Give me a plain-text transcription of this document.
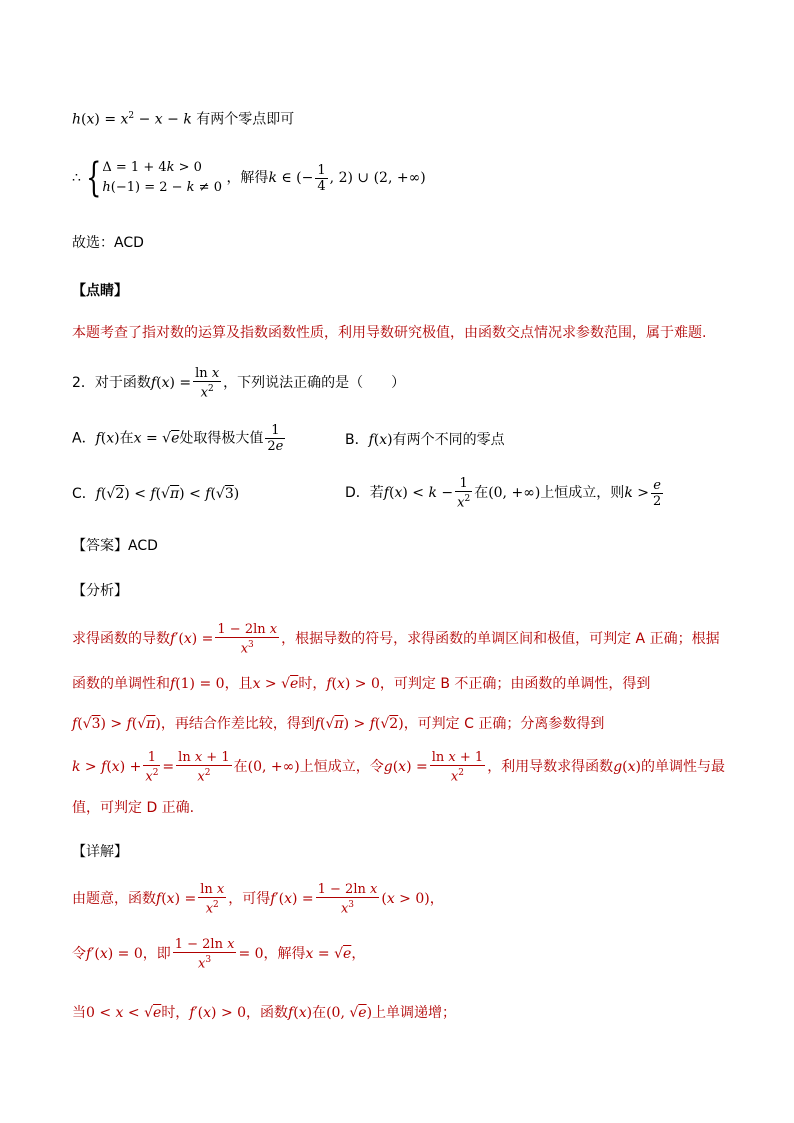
$h(x) = x^2 - x - k$ 有两个零点即可
∴ { Δ = 1 + 4k > 0
h(−1) = 2 − k ≠ 0
，解得k ∈ (− $\frac{1}{4}$ , 2) ∪ (2, +∞)
故选：ACD
【点睛】
本题考查了指对数的运算及指数函数性质，利用导数研究极值，由函数交点情况求参数范围，属于难题.
2．对于函数$f(x) = \frac{\text{ln x}}{x^2}$ ，下列说法正确的是（　　）
A．f(x)在x = √e处取得极大值 $\frac{1}{2e}$	B．f(x)有两个不同的零点
C．f(√2) < f(√π) < f(√3)	D．若$f(x) < k - \frac{1}{x^2}$ 在(0, +∞)上恒成立，则$k > \frac{e}{2}$
【答案】ACD
【分析】
求得函数的导数$f'(x) = \frac{\text{1 − 2ln x}}{x^3}$ ，根据导数的符号，求得函数的单调区间和极值，可判定 A 正确；根据
函数的单调性和f(1) = 0，且x > √e时，f(x) > 0，可判定 B 不正确；由函数的单调性，得到
f(√3) > f(√π)，再结合作差比较，得到f(√π) > f(√2)，可判定 C 正确；分离参数得到
$k > f(x) + \frac{1}{x^2} = \frac{\text{ln x + 1}}{x^2}$ 在(0, +∞)上恒成立，令$g(x) = \frac{\text{ln x + 1}}{x^2}$ ，利用导数求得函数g(x)的单调性与最
值，可判定 D 正确.
【详解】
由题意，函数$f(x) = \frac{\text{ln x}}{x^2}$ ，可得$f'(x) = \frac{\text{1 − 2ln x}}{x^3} (x > 0)$，
令f′(x) = 0，即 $\frac{\text{1 − 2ln x}}{x^3} = 0$，解得x = √e，
当0 < x < √e时，f′(x) > 0，函数f(x)在(0, √e)上单调递增；
